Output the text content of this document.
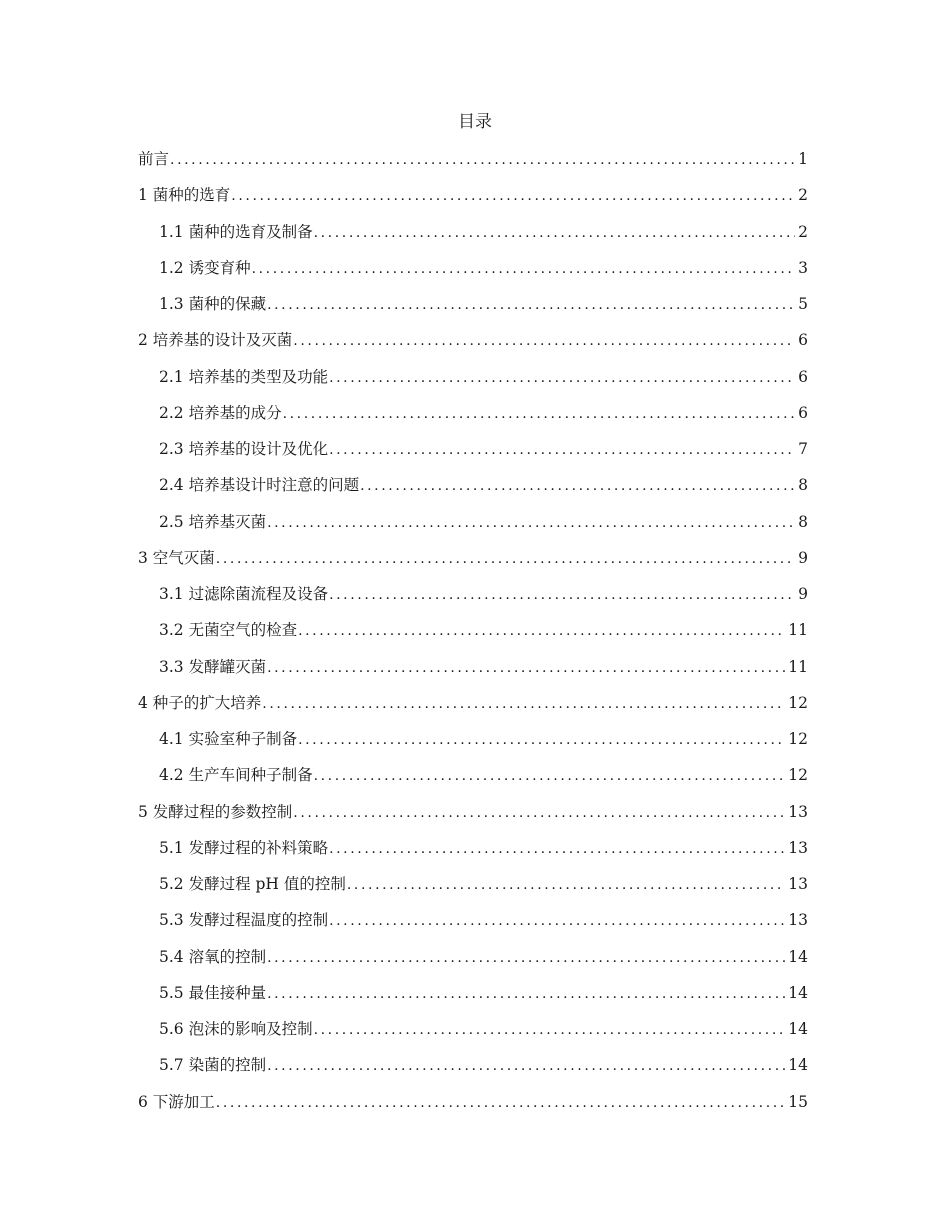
目录
前言 .....	1
1 菌种的选育 .....	2
1.1 菌种的选育及制备 .....	2
1.2 诱变育种 .....	3
1.3 菌种的保藏 .....	5
2 培养基的设计及灭菌 .....	6
2.1 培养基的类型及功能 .....	6
2.2 培养基的成分 .....	6
2.3 培养基的设计及优化 .....	7
2.4 培养基设计时注意的问题 .....	8
2.5 培养基灭菌 .....	8
3 空气灭菌 .....	9
3.1 过滤除菌流程及设备 .....	9
3.2 无菌空气的检查 .....	11
3.3 发酵罐灭菌 .....	11
4 种子的扩大培养 .....	12
4.1 实验室种子制备 .....	12
4.2 生产车间种子制备 .....	12
5 发酵过程的参数控制 .....	13
5.1 发酵过程的补料策略 .....	13
5.2 发酵过程 pH 值的控制 .....	13
5.3 发酵过程温度的控制 .....	13
5.4 溶氧的控制 .....	14
5.5 最佳接种量 .....	14
5.6 泡沫的影响及控制 .....	14
5.7 染菌的控制 .....	14
6 下游加工 .....	15
